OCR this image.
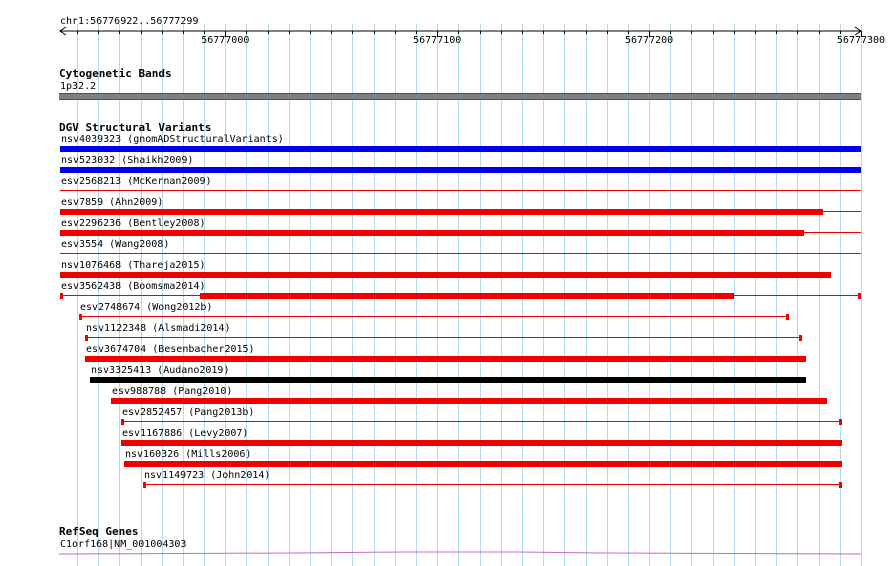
chr1:56776922..56777299
56777000	56777100	56777200	56777300
Cytogenetic Bands
1p32.2
DGV Structural Variants
nsv4039323 (gnomADStructuralVariants)
nsv523032 (Shaikh2009)
esv2568213 (McKernan2009)
esv7859 (Ahn2009)
esv2296236 (Bentley2008)
esv3554 (Wang2008)
nsv1076468 (Thareja2015)
esv3562438 (Boomsma2014)
esv2748674 (Wong2012b)
nsv1122348 (Alsmadi2014)
esv3674704 (Besenbacher2015)
nsv3325413 (Audano2019)
esv988788 (Pang2010)
esv2852457 (Pang2013b)
esv1167886 (Levy2007)
nsv160326 (Mills2006)
nsv1149723 (John2014)
RefSeq Genes
C1orf168|NM_001004303
